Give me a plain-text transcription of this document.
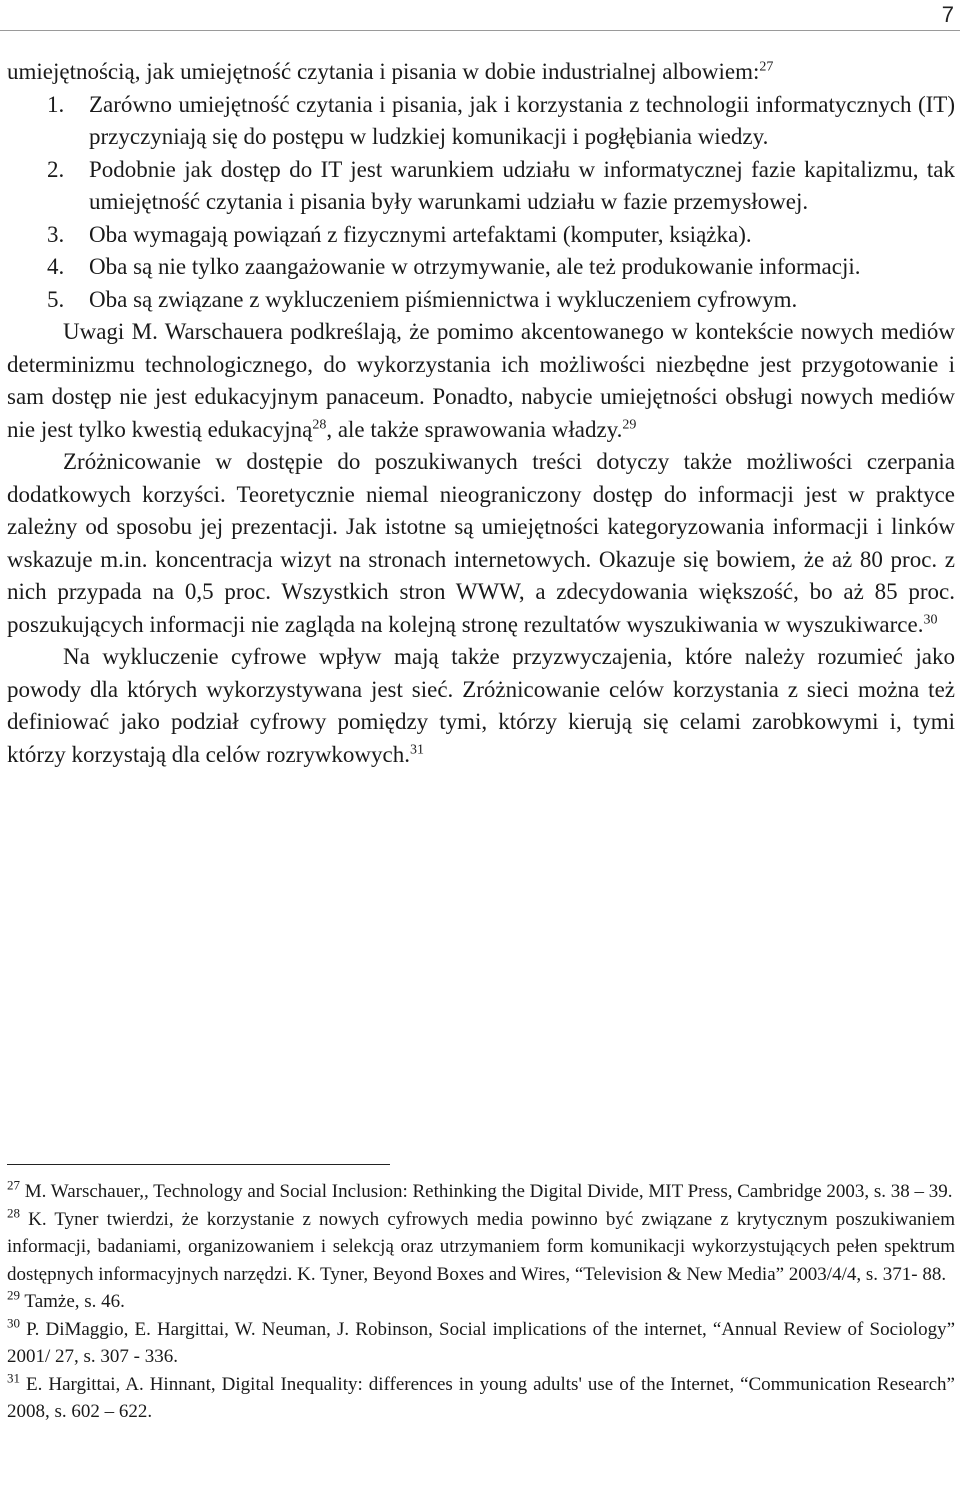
7

umiejętnością, jak umiejętność czytania i pisania w dobie industrialnej albowiem:$^{27}$

1. Zarówno umiejętność czytania i pisania, jak i korzystania z technologii informatycznych (IT) przyczyniają się do postępu w ludzkiej komunikacji i pogłębiania wiedzy.
2. Podobnie jak dostęp do IT jest warunkiem udziału w informatycznej fazie kapitalizmu, tak umiejętność czytania i pisania były warunkami udziału w fazie przemysłowej.
3. Oba wymagają powiązań z fizycznymi artefaktami (komputer, książka).
4. Oba są nie tylko zaangażowanie w otrzymywanie, ale też produkowanie informacji.
5. Oba są związane z wykluczeniem piśmiennictwa i wykluczeniem cyfrowym.

Uwagi M. Warschauera podkreślają, że pomimo akcentowanego w kontekście nowych mediów determinizmu technologicznego, do wykorzystania ich możliwości niezbędne jest przygotowanie i sam dostęp nie jest edukacyjnym panaceum. Ponadto, nabycie umiejętności obsługi nowych mediów nie jest tylko kwestią edukacyjną$^{28}$, ale także sprawowania władzy.$^{29}$

Zróżnicowanie w dostępie do poszukiwanych treści dotyczy także możliwości czerpania dodatkowych korzyści. Teoretycznie niemal nieograniczony dostęp do informacji jest w praktyce zależny od sposobu jej prezentacji. Jak istotne są umiejętności kategoryzowania informacji i linków wskazuje m.in. koncentracja wizyt na stronach internetowych. Okazuje się bowiem, że aż 80 proc. z nich przypada na 0,5 proc. Wszystkich stron WWW, a zdecydowania większość, bo aż 85 proc. poszukujących informacji nie zagląda na kolejną stronę rezultatów wyszukiwania w wyszukiwarce.$^{30}$

Na wykluczenie cyfrowe wpływ mają także przyzwyczajenia, które należy rozumieć jako powody dla których wykorzystywana jest sieć. Zróżnicowanie celów korzystania z sieci można też definiować jako podział cyfrowy pomiędzy tymi, którzy kierują się celami zarobkowymi i, tymi którzy korzystają dla celów rozrywkowych.$^{31}$

$^{27}$ M. Warschauer,, Technology and Social Inclusion: Rethinking the Digital Divide, MIT Press, Cambridge 2003, s. 38 – 39.

$^{28}$ K. Tyner twierdzi, że korzystanie z nowych cyfrowych media powinno być związane z krytycznym poszukiwaniem informacji, badaniami, organizowaniem i selekcją oraz utrzymaniem form komunikacji wykorzystujących pełen spektrum dostępnych informacyjnych narzędzi. K. Tyner, Beyond Boxes and Wires, “Television & New Media” 2003/4/4, s. 371- 88.

$^{29}$ Tamże, s. 46.

$^{30}$ P. DiMaggio, E. Hargittai, W. Neuman, J. Robinson, Social implications of the internet, “Annual Review of Sociology” 2001/ 27, s. 307 - 336.

$^{31}$ E. Hargittai, A. Hinnant, Digital Inequality: differences in young adults' use of the Internet, “Communication Research” 2008, s. 602 – 622.
